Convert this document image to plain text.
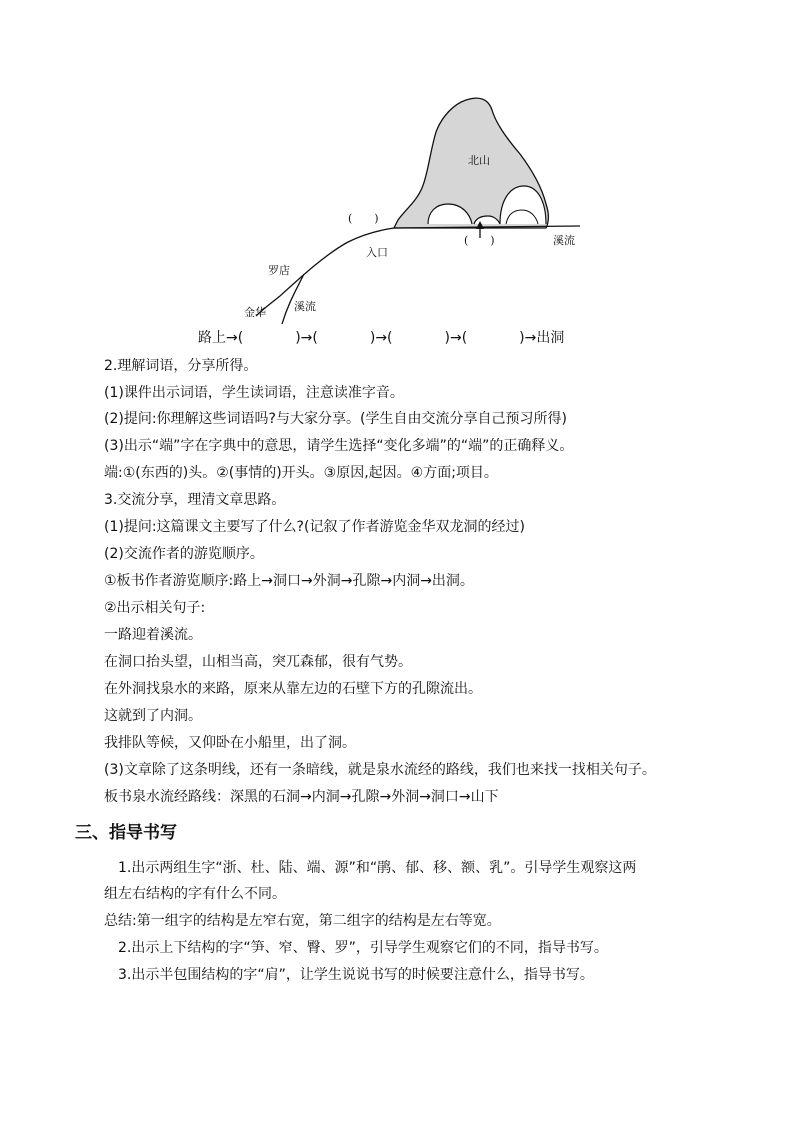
北山
(　　)
(　　)	溪流
入口
罗店
溪流
金华
路上→(	)→(	)→(	)→(	)→出洞
2.理解词语，分享所得。
(1)课件出示词语，学生读词语，注意读准字音。
(2)提问:你理解这些词语吗?与大家分享。(学生自由交流分享自己预习所得)
(3)出示“端”字在字典中的意思，请学生选择“变化多端”的“端”的正确释义。
端:①(东西的)头。②(事情的)开头。③原因,起因。④方面;项目。
3.交流分享，理清文章思路。
(1)提问:这篇课文主要写了什么?(记叙了作者游览金华双龙洞的经过)
(2)交流作者的游览顺序。
①板书作者游览顺序:路上→洞口→外洞→孔隙→内洞→出洞。
②出示相关句子:
一路迎着溪流。
在洞口抬头望，山相当高，突兀森郁，很有气势。
在外洞找泉水的来路，原来从靠左边的石壁下方的孔隙流出。
这就到了内洞。
我排队等候，又仰卧在小船里，出了洞。
(3)文章除了这条明线，还有一条暗线，就是泉水流经的路线，我们也来找一找相关句子。
板书泉水流经路线：深黑的石洞→内洞→孔隙→外洞→洞口→山下
三、指导书写
1.出示两组生字“浙、杜、陆、端、源”和“鹃、郁、移、额、乳”。引导学生观察这两
组左右结构的字有什么不同。
总结:第一组字的结构是左窄右宽，第二组字的结构是左右等宽。
2.出示上下结构的字“笋、窄、臀、罗”，引导学生观察它们的不同，指导书写。
3.出示半包围结构的字“肩”，让学生说说书写的时候要注意什么，指导书写。
